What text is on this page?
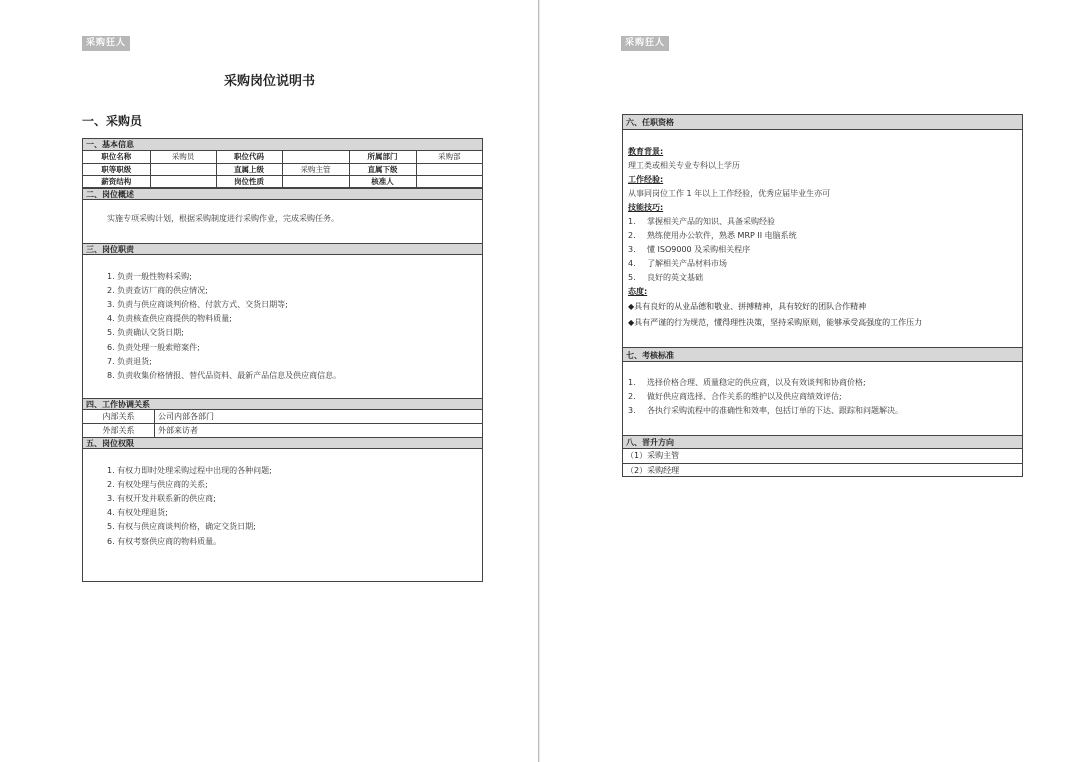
采购狂人
采购岗位说明书
一、采购员
一、基本信息
职位名称	采购员	职位代码		所属部门	采购部
职等职级		直属上级	采购主管	直属下级	
薪资结构		岗位性质		核准人	
二、岗位概述
实施专项采购计划，根据采购制度进行采购作业，完成采购任务。
三、岗位职责
1. 负责一般性物料采购;
2. 负责查访厂商的供应情况;
3. 负责与供应商谈判价格、付款方式、交货日期等;
4. 负责核查供应商提供的物料质量;
5. 负责确认交货日期;
6. 负责处理一般索赔案件;
7. 负责退货;
8. 负责收集价格情报、替代品资料、最新产品信息及供应商信息。
四、工作协调关系
内部关系	公司内部各部门
外部关系	外部来访者
五、岗位权限
1. 有权力即时处理采购过程中出现的各种问题;
2. 有权处理与供应商的关系;
3. 有权开发并联系新的供应商;
4. 有权处理退货;
5. 有权与供应商谈判价格，确定交货日期;
6. 有权考察供应商的物料质量。
采购狂人
六、任职资格
教育背景:
理工类或相关专业专科以上学历
工作经验:
从事同岗位工作 1 年以上工作经验，优秀应届毕业生亦可
技能技巧:
1.	掌握相关产品的知识、具备采购经验
2.	熟练使用办公软件，熟悉 MRP II 电脑系统
3.	懂 ISO9000 及采购相关程序
4.	了解相关产品材料市场
5.	良好的英文基础
态度:
◆具有良好的从业品德和敬业、拼搏精神，具有较好的团队合作精神
◆具有严谨的行为规范，懂得理性决策，坚持采购原则，能够承受高强度的工作压力
七、考核标准
1.	选择价格合理、质量稳定的供应商，以及有效谈判和协商价格;
2.	做好供应商选择、合作关系的维护以及供应商绩效评估;
3.	各执行采购流程中的准确性和效率，包括订单的下达、跟踪和问题解决。
八、晋升方向
（1）采购主管
（2）采购经理
